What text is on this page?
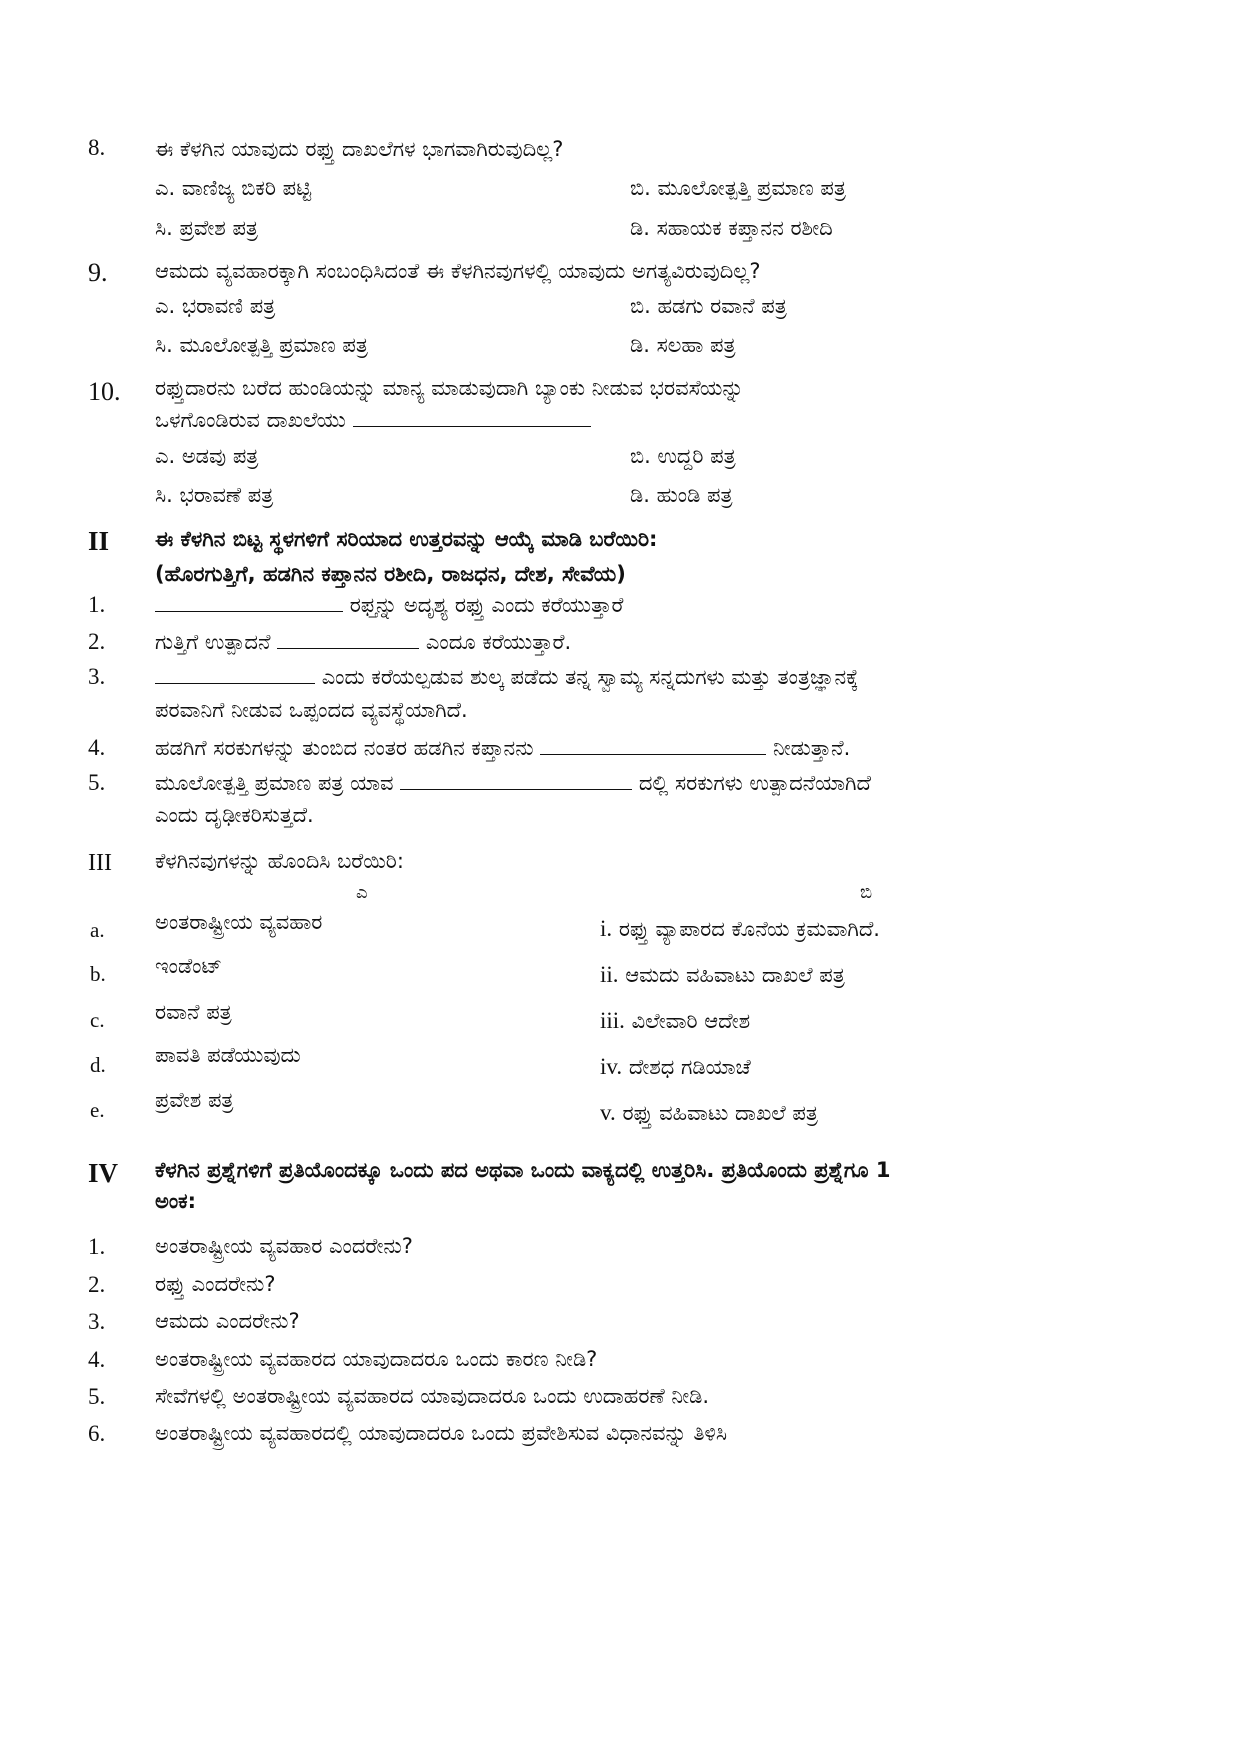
8. ಈ ಕೆಳಗಿನ ಯಾವುದು ರಫ್ತು ದಾಖಲೆಗಳ ಭಾಗವಾಗಿರುವುದಿಲ್ಲ?
ಎ. ವಾಣಿಜ್ಯ ಬಿಕರಿ ಪಟ್ಟಿ	ಬಿ. ಮೂಲೋತ್ಪತ್ತಿ ಪ್ರಮಾಣ ಪತ್ರ
ಸಿ. ಪ್ರವೇಶ ಪತ್ರ	ಡಿ. ಸಹಾಯಕ ಕಪ್ತಾನನ ರಶೀದಿ
9. ಆಮದು ವ್ಯವಹಾರಕ್ಕಾಗಿ ಸಂಬಂಧಿಸಿದಂತೆ ಈ ಕೆಳಗಿನವುಗಳಲ್ಲಿ ಯಾವುದು ಅಗತ್ಯವಿರುವುದಿಲ್ಲ?
ಎ. ಭರಾವಣಿ ಪತ್ರ	ಬಿ. ಹಡಗು ರವಾನೆ ಪತ್ರ
ಸಿ. ಮೂಲೋತ್ಪತ್ತಿ ಪ್ರಮಾಣ ಪತ್ರ	ಡಿ. ಸಲಹಾ ಪತ್ರ
10. ರಫ್ತುದಾರನು ಬರೆದ ಹುಂಡಿಯನ್ನು ಮಾನ್ಯ ಮಾಡುವುದಾಗಿ ಬ್ಯಾಂಕು ನೀಡುವ ಭರವಸೆಯನ್ನು
ಒಳಗೊಂಡಿರುವ ದಾಖಲೆಯು
ಎ. ಅಡವು ಪತ್ರ	ಬಿ. ಉದ್ದರಿ ಪತ್ರ
ಸಿ. ಭರಾವಣೆ ಪತ್ರ	ಡಿ. ಹುಂಡಿ ಪತ್ರ
II ಈ ಕೆಳಗಿನ ಬಿಟ್ಟ ಸ್ಥಳಗಳಿಗೆ ಸರಿಯಾದ ಉತ್ತರವನ್ನು ಆಯ್ಕೆ ಮಾಡಿ ಬರೆಯಿರಿ:
(ಹೊರಗುತ್ತಿಗೆ, ಹಡಗಿನ ಕಪ್ತಾನನ ರಶೀದಿ, ರಾಜಧನ, ದೇಶ, ಸೇವೆಯ)
1.	ರಫ್ತನ್ನು ಅದೃಶ್ಯ ರಫ್ತು ಎಂದು ಕರೆಯುತ್ತಾರೆ
2. ಗುತ್ತಿಗೆ ಉತ್ಪಾದನೆ	ಎಂದೂ ಕರೆಯುತ್ತಾರೆ.
3.	ಎಂದು ಕರೆಯಲ್ಪಡುವ ಶುಲ್ಕ ಪಡೆದು ತನ್ನ ಸ್ವಾಮ್ಯ ಸನ್ನದುಗಳು ಮತ್ತು ತಂತ್ರಜ್ಞಾನಕ್ಕೆ
ಪರವಾನಿಗೆ ನೀಡುವ ಒಪ್ಪಂದದ ವ್ಯವಸ್ಥೆಯಾಗಿದೆ.
4. ಹಡಗಿಗೆ ಸರಕುಗಳನ್ನು ತುಂಬಿದ ನಂತರ ಹಡಗಿನ ಕಪ್ತಾನನು	ನೀಡುತ್ತಾನೆ.
5. ಮೂಲೋತ್ಪತ್ತಿ ಪ್ರಮಾಣ ಪತ್ರ ಯಾವ	ದಲ್ಲಿ ಸರಕುಗಳು ಉತ್ಪಾದನೆಯಾಗಿದೆ
ಎಂದು ದೃಢೀಕರಿಸುತ್ತದೆ.
III ಕೆಳಗಿನವುಗಳನ್ನು ಹೊಂದಿಸಿ ಬರೆಯಿರಿ:
ಎ	ಬಿ
a. ಅಂತರಾಷ್ಟ್ರೀಯ ವ್ಯವಹಾರ	i. ರಫ್ತು ವ್ಯಾಪಾರದ ಕೊನೆಯ ಕ್ರಮವಾಗಿದೆ.
b. ಇಂಡೆಂಟ್	ii. ಆಮದು ವಹಿವಾಟು ದಾಖಲೆ ಪತ್ರ
c. ರವಾನೆ ಪತ್ರ	iii. ವಿಲೇವಾರಿ ಆದೇಶ
d. ಪಾವತಿ ಪಡೆಯುವುದು	iv. ದೇಶಧ ಗಡಿಯಾಚೆ
e. ಪ್ರವೇಶ ಪತ್ರ	v. ರಫ್ತು ವಹಿವಾಟು ದಾಖಲೆ ಪತ್ರ
IV ಕೆಳಗಿನ ಪ್ರಶ್ನೆಗಳಿಗೆ ಪ್ರತಿಯೊಂದಕ್ಕೂ ಒಂದು ಪದ ಅಥವಾ ಒಂದು ವಾಕ್ಯದಲ್ಲಿ ಉತ್ತರಿಸಿ. ಪ್ರತಿಯೊಂದು ಪ್ರಶ್ನೆಗೂ 1
ಅಂಕ:
1. ಅಂತರಾಷ್ಟ್ರೀಯ ವ್ಯವಹಾರ ಎಂದರೇನು?
2. ರಫ್ತು ಎಂದರೇನು?
3. ಆಮದು ಎಂದರೇನು?
4. ಅಂತರಾಷ್ಟ್ರೀಯ ವ್ಯವಹಾರದ ಯಾವುದಾದರೂ ಒಂದು ಕಾರಣ ನೀಡಿ?
5. ಸೇವೆಗಳಲ್ಲಿ ಅಂತರಾಷ್ಟ್ರೀಯ ವ್ಯವಹಾರದ ಯಾವುದಾದರೂ ಒಂದು ಉದಾಹರಣೆ ನೀಡಿ.
6. ಅಂತರಾಷ್ಟ್ರೀಯ ವ್ಯವಹಾರದಲ್ಲಿ ಯಾವುದಾದರೂ ಒಂದು ಪ್ರವೇಶಿಸುವ ವಿಧಾನವನ್ನು ತಿಳಿಸಿ
